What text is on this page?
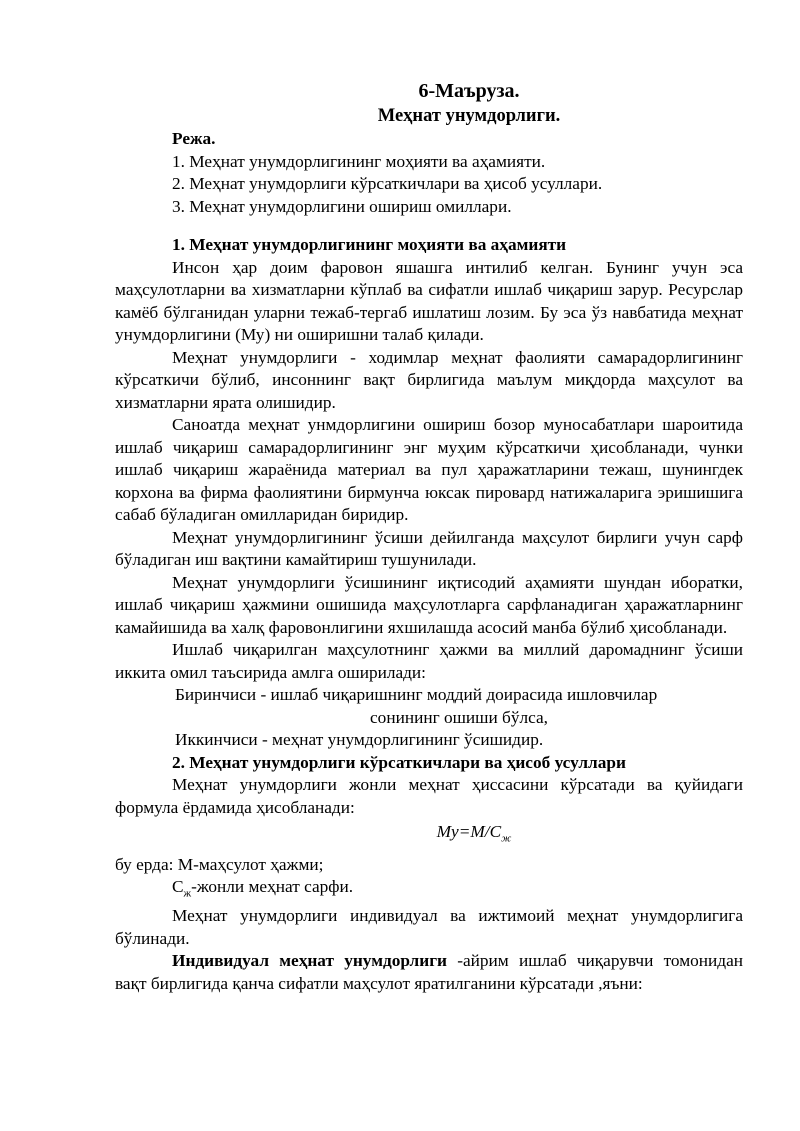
6-Маъруза.
Меҳнат унумдорлиги.
Режа.
1. Меҳнат унумдорлигининг моҳияти ва аҳамияти.
2. Меҳнат унумдорлиги кўрсаткичлари ва ҳисоб усуллари.
3. Меҳнат унумдорлигини ошириш омиллари.
1. Меҳнат унумдорлигининг моҳияти ва аҳамияти

Инсон ҳар доим фаровон яшашга интилиб келган. Бунинг учун эса маҳсулотларни ва хизматларни кўплаб ва сифатли ишлаб чиқариш зарур. Ресурслар камёб бўлганидан уларни тежаб-тергаб ишлатиш лозим. Бу эса ўз навбатида меҳнат унумдорлигини (Му) ни оширишни талаб қилади.

Меҳнат унумдорлиги - ходимлар меҳнат фаолияти самарадорлигининг кўрсаткичи бўлиб, инсоннинг вақт бирлигида маълум миқдорда маҳсулот ва хизматларни ярата олишидир.

Саноатда меҳнат унмдорлигини ошириш бозор муносабатлари шароитида ишлаб чиқариш самарадорлигининг энг муҳим кўрсаткичи ҳисобланади, чунки ишлаб чиқариш жараёнида материал ва пул ҳаражатларини тежаш, шунингдек корхона ва фирма фаолиятини бирмунча юксак пировард натижаларига эришишига сабаб бўладиган омилларидан биридир.

Меҳнат унумдорлигининг ўсиши дейилганда маҳсулот бирлиги учун сарф бўладиган иш вақтини камайтириш тушунилади.

Меҳнат унумдорлиги ўсишининг иқтисодий аҳамияти шундан иборатки, ишлаб чиқариш ҳажмини ошишида маҳсулотларга сарфланадиган ҳаражатларнинг камайишида ва халқ фаровонлигини яхшилашда асосий манба бўлиб ҳисобланади.

Ишлаб чиқарилган маҳсулотнинг ҳажми ва миллий даромаднинг ўсиши иккита омил таъсирида амлга оширилади:

Биринчиси - ишлаб чиқаришнинг моддий доирасида ишловчилар
сонининг ошиши бўлса,
Иккинчиси - меҳнат унумдорлигининг ўсишидир.
2. Меҳнат унумдорлиги кўрсаткичлари ва ҳисоб усуллари

Меҳнат унумдорлиги жонли меҳнат ҳиссасини кўрсатади ва қуйидаги формула ёрдамида ҳисобланади:

$Му=М/С_ж$
бу ерда: М-маҳсулот ҳажми;
$С_ж$-жонли меҳнат сарфи.

Меҳнат унумдорлиги индивидуал ва ижтимоий меҳнат унумдорлигига бўлинади.

Индивидуал меҳнат унумдорлиги -айрим ишлаб чиқарувчи томонидан вақт бирлигида қанча сифатли маҳсулот яратилганини кўрсатади ,яъни:
